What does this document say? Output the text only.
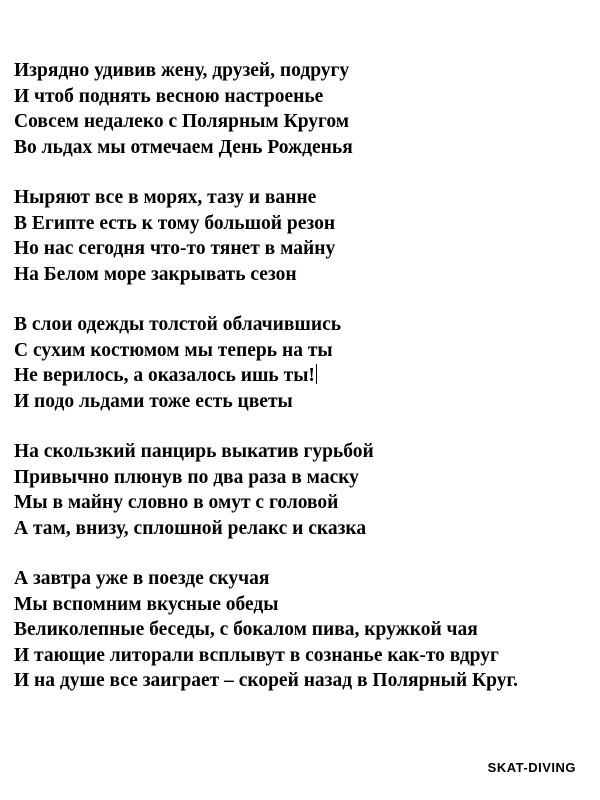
Изрядно удивив жену, друзей, подругу

И чтоб поднять весною настроенье

Совсем недалеко с Полярным Кругом

Во льдах мы отмечаем День Рожденья

Ныряют все в морях, тазу и ванне

В Египте есть к тому большой резон

Но нас сегодня что-то тянет в майну

На Белом море закрывать сезон

В слои одежды толстой облачившись

С сухим костюмом мы теперь на ты

Не верилось, а оказалось ишь ты!

И подо льдами тоже есть цветы

На скользкий панцирь выкатив гурьбой

Привычно плюнув по два раза в маску

Мы в майну словно в омут с головой

А там, внизу, сплошной релакс и сказка

А завтра уже в поезде скучая

Мы вспомним вкусные обеды

Великолепные беседы, с бокалом пива, кружкой чая

И тающие литорали всплывут в сознанье как-то вдруг

И на душе все заиграет – скорей назад в Полярный Круг.

SKAT-DIVING
